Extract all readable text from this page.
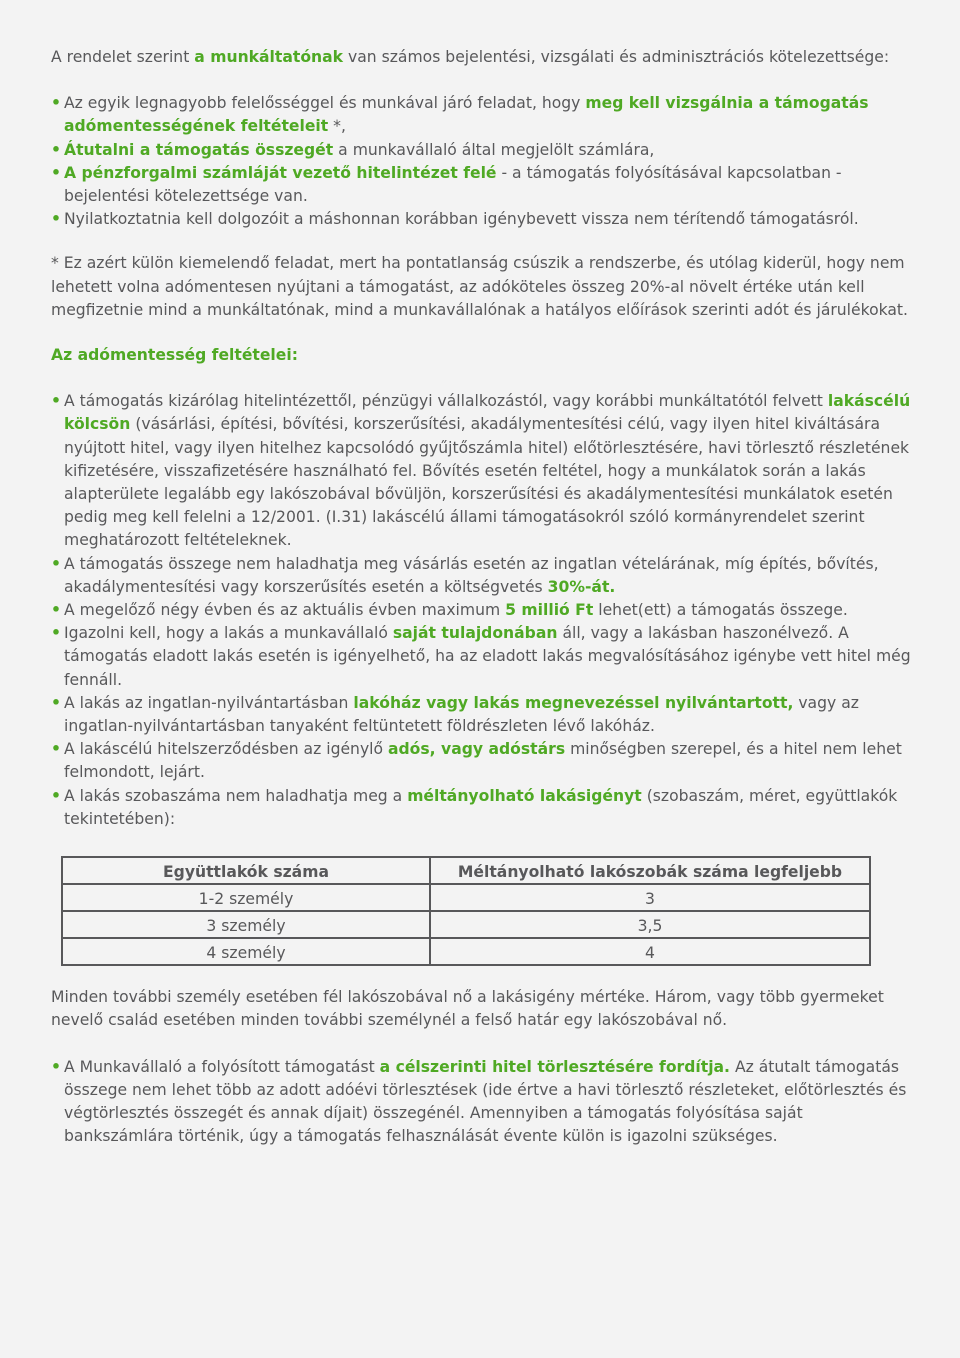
A rendelet szerint a munkáltatónak van számos bejelentési, vizsgálati és adminisztrációs kötelezettsége:

• Az egyik legnagyobb felelősséggel és munkával járó feladat, hogy meg kell vizsgálnia a támogatás adómentességének feltételeit *,
• Átutalni a támogatás összegét a munkavállaló által megjelölt számlára,
• A pénzforgalmi számláját vezető hitelintézet felé - a támogatás folyósításával kapcsolatban - bejelentési kötelezettsége van.
• Nyilatkoztatnia kell dolgozóit a máshonnan korábban igénybevett vissza nem térítendő támogatásról.

* Ez azért külön kiemelendő feladat, mert ha pontatlanság csúszik a rendszerbe, és utólag kiderül, hogy nem lehetett volna adómentesen nyújtani a támogatást, az adóköteles összeg 20%-al növelt értéke után kell megfizetnie mind a munkáltatónak, mind a munkavállalónak a hatályos előírások szerinti adót és járulékokat.

Az adómentesség feltételei:

• A támogatás kizárólag hitelintézettől, pénzügyi vállalkozástól, vagy korábbi munkáltatótól felvett lakáscélú kölcsön (vásárlási, építési, bővítési, korszerűsítési, akadálymentesítési célú, vagy ilyen hitel kiváltására nyújtott hitel, vagy ilyen hitelhez kapcsolódó gyűjtőszámla hitel) előtörlesztésére, havi törlesztő részletének kifizetésére, visszafizetésére használható fel. Bővítés esetén feltétel, hogy a munkálatok során a lakás alapterülete legalább egy lakószobával bővüljön, korszerűsítési és akadálymentesítési munkálatok esetén pedig meg kell felelni a 12/2001. (I.31) lakáscélú állami támogatásokról szóló kormányrendelet szerint meghatározott feltételeknek.
• A támogatás összege nem haladhatja meg vásárlás esetén az ingatlan vételárának, míg építés, bővítés, akadálymentesítési vagy korszerűsítés esetén a költségvetés 30%-át.
• A megelőző négy évben és az aktuális évben maximum 5 millió Ft lehet(ett) a támogatás összege.
• Igazolni kell, hogy a lakás a munkavállaló saját tulajdonában áll, vagy a lakásban haszonélvező. A támogatás eladott lakás esetén is igényelhető, ha az eladott lakás megvalósításához igénybe vett hitel még fennáll.
• A lakás az ingatlan-nyilvántartásban lakóház vagy lakás megnevezéssel nyilvántartott, vagy az ingatlan-nyilvántartásban tanyaként feltüntetett földrészleten lévő lakóház.
• A lakáscélú hitelszerződésben az igénylő adós, vagy adóstárs minőségben szerepel, és a hitel nem lehet felmondott, lejárt.
• A lakás szobaszáma nem haladhatja meg a méltányolható lakásigényt (szobaszám, méret, együttlakók tekintetében):
Együttlakók száma	Méltányolható lakószobák száma legfeljebb
1-2 személy	3
3 személy	3,5
4 személy	4

Minden további személy esetében fél lakószobával nő a lakásigény mértéke. Három, vagy több gyermeket nevelő család esetében minden további személynél a felső határ egy lakószobával nő.

• A Munkavállaló a folyósított támogatást a célszerinti hitel törlesztésére fordítja. Az átutalt támogatás összege nem lehet több az adott adóévi törlesztések (ide értve a havi törlesztő részleteket, előtörlesztés és végtörlesztés összegét és annak díjait) összegénél. Amennyiben a támogatás folyósítása saját bankszámlára történik, úgy a támogatás felhasználását évente külön is igazolni szükséges.
